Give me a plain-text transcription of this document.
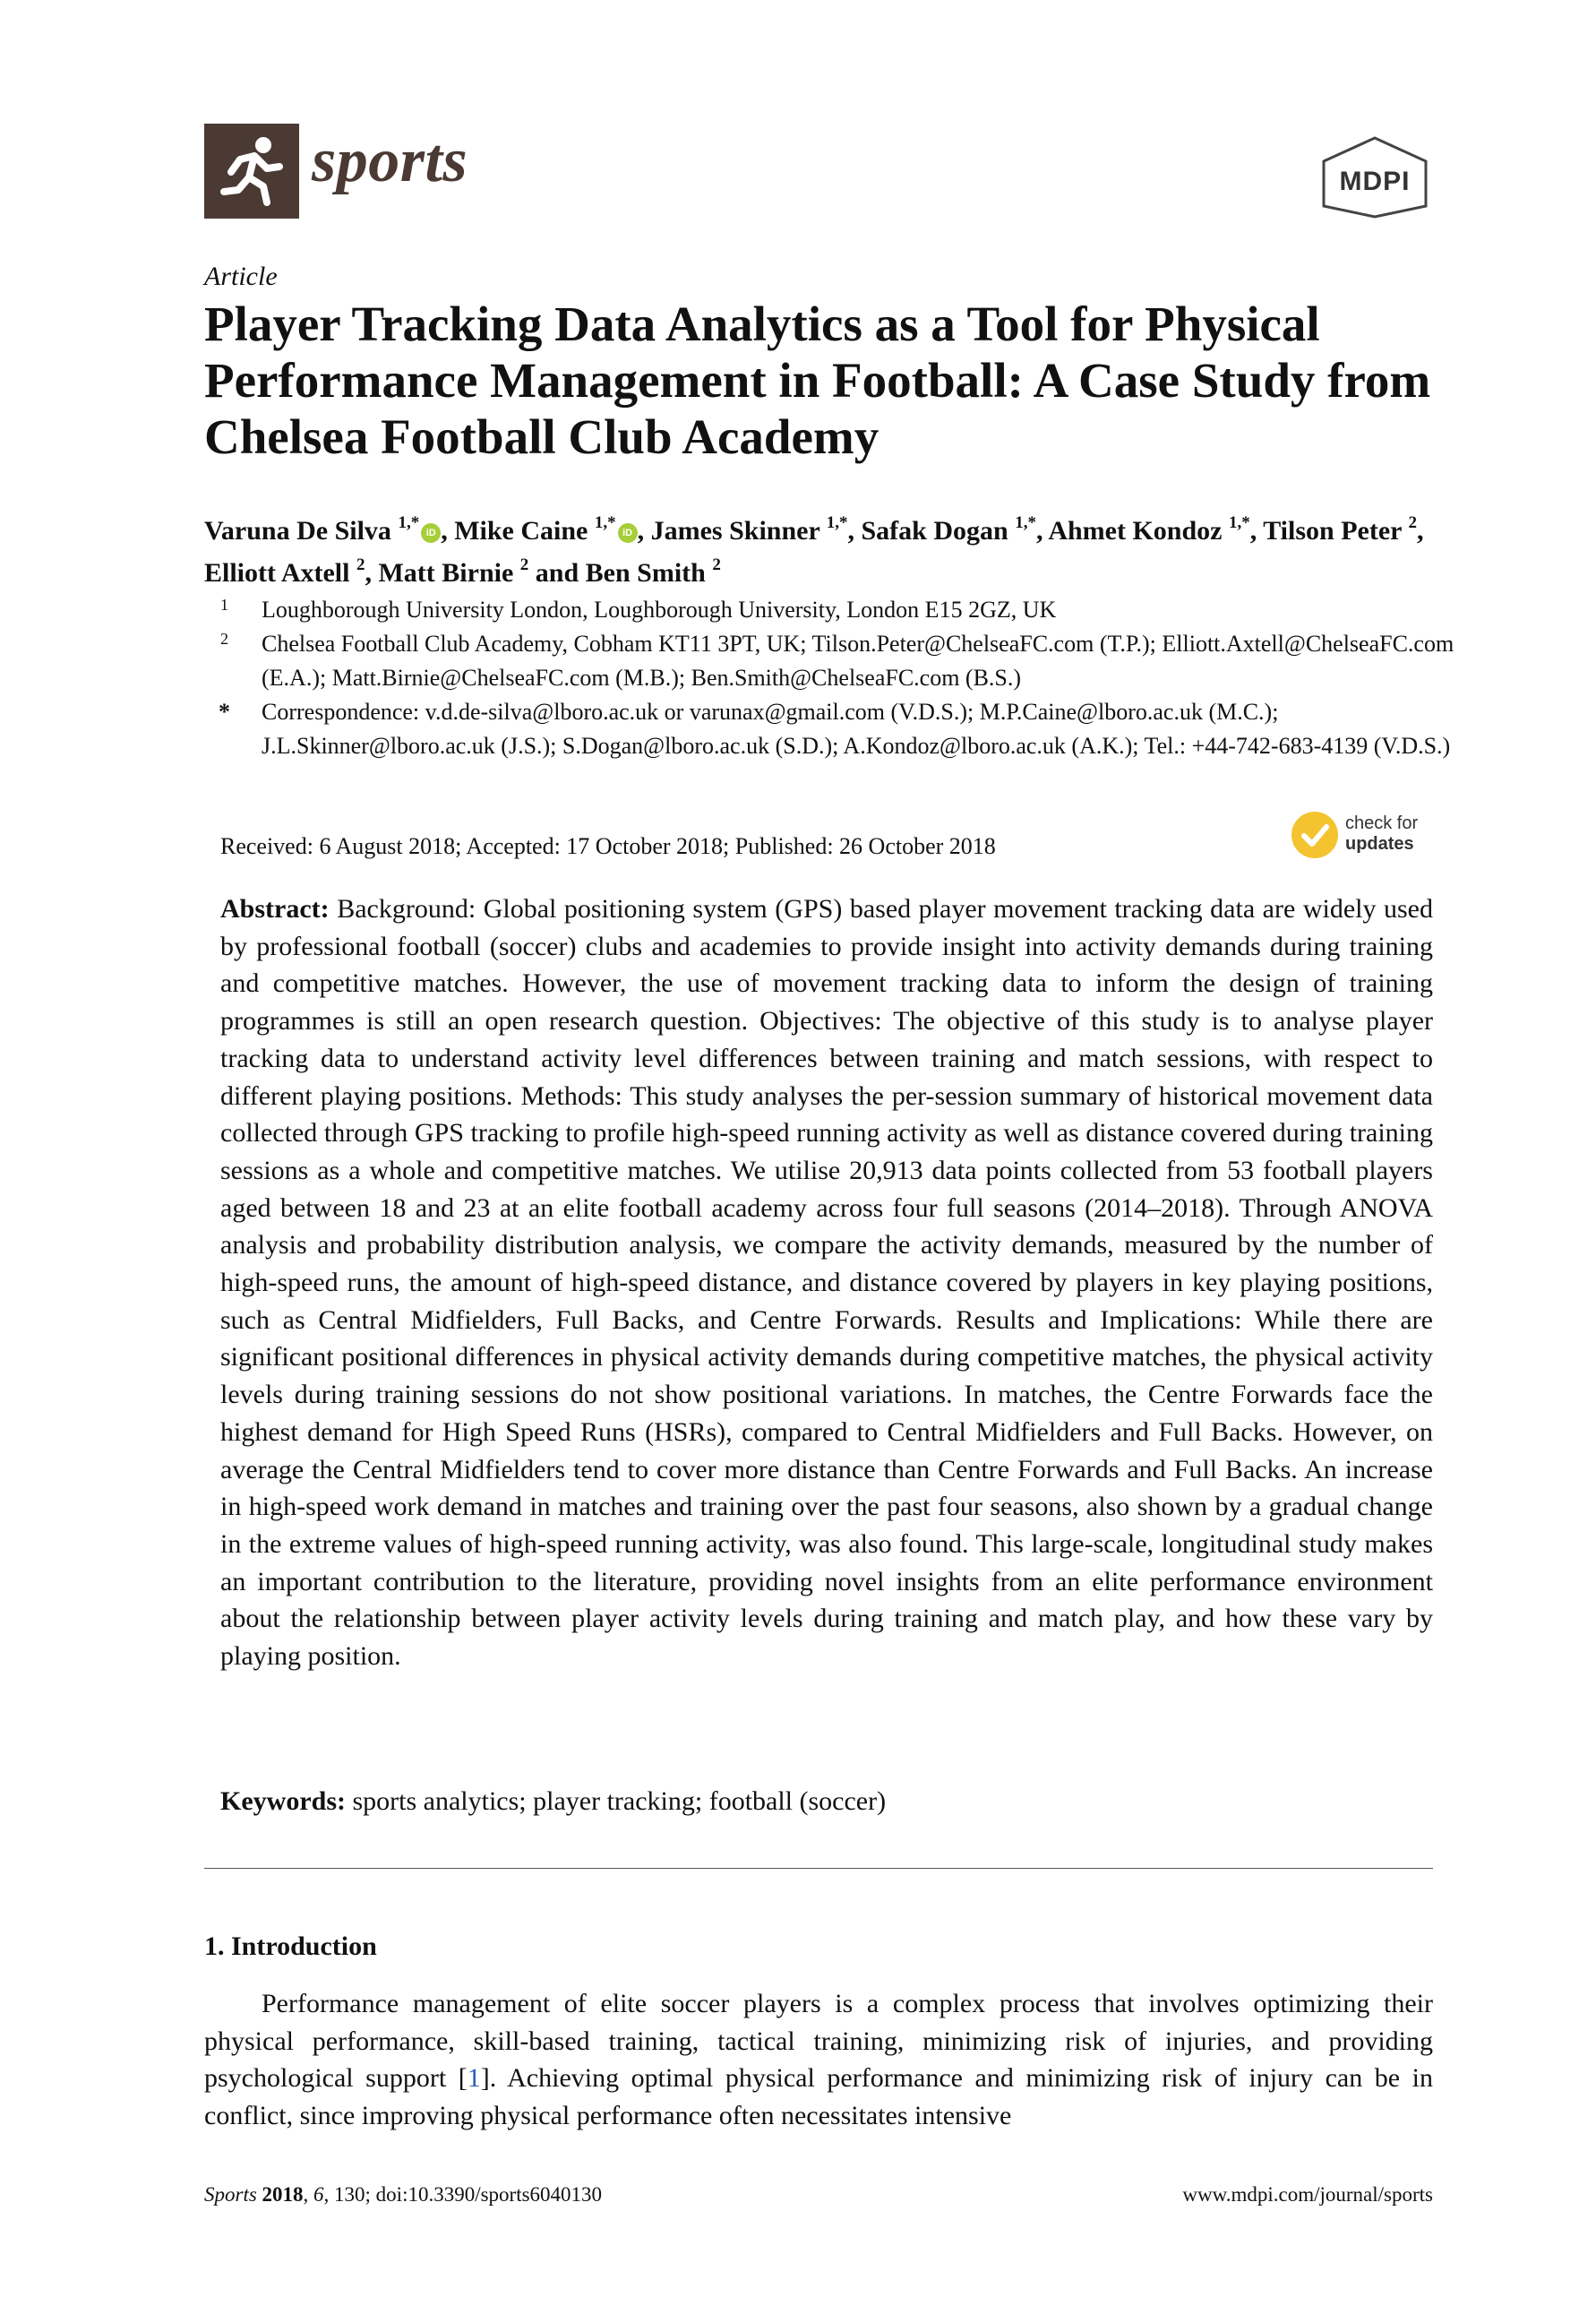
sports	MDPI
Article
Player Tracking Data Analytics as a Tool for Physical Performance Management in Football: A Case Study from Chelsea Football Club Academy
Varuna De Silva $^{1,*}$iD , Mike Caine $^{1,*}$iD , James Skinner $^{1,*}$, Safak Dogan $^{1,*}$, Ahmet Kondoz $^{1,*}$, Tilson Peter $^2$, Elliott Axtell $^2$, Matt Birnie $^2$ and Ben Smith $^2$
1 Loughborough University London, Loughborough University, London E15 2GZ, UK
2 Chelsea Football Club Academy, Cobham KT11 3PT, UK; Tilson.Peter@ChelseaFC.com (T.P.); Elliott.Axtell@ChelseaFC.com (E.A.); Matt.Birnie@ChelseaFC.com (M.B.); Ben.Smith@ChelseaFC.com (B.S.)
* Correspondence: v.d.de-silva@lboro.ac.uk or varunax@gmail.com (V.D.S.); M.P.Caine@lboro.ac.uk (M.C.); J.L.Skinner@lboro.ac.uk (J.S.); S.Dogan@lboro.ac.uk (S.D.); A.Kondoz@lboro.ac.uk (A.K.); Tel.: +44-742-683-4139 (V.D.S.)
Received: 6 August 2018; Accepted: 17 October 2018; Published: 26 October 2018
check for
updates

Abstract: Background: Global positioning system (GPS) based player movement tracking data are widely used by professional football (soccer) clubs and academies to provide insight into activity demands during training and competitive matches. However, the use of movement tracking data to inform the design of training programmes is still an open research question. Objectives: The objective of this study is to analyse player tracking data to understand activity level differences between training and match sessions, with respect to different playing positions. Methods: This study analyses the per-session summary of historical movement data collected through GPS tracking to profile high-speed running activity as well as distance covered during training sessions as a whole and competitive matches. We utilise 20,913 data points collected from 53 football players aged between 18 and 23 at an elite football academy across four full seasons (2014–2018). Through ANOVA analysis and probability distribution analysis, we compare the activity demands, measured by the number of high-speed runs, the amount of high-speed distance, and distance covered by players in key playing positions, such as Central Midfielders, Full Backs, and Centre Forwards. Results and Implications: While there are significant positional differences in physical activity demands during competitive matches, the physical activity levels during training sessions do not show positional variations. In matches, the Centre Forwards face the highest demand for High Speed Runs (HSRs), compared to Central Midfielders and Full Backs. However, on average the Central Midfielders tend to cover more distance than Centre Forwards and Full Backs. An increase in high-speed work demand in matches and training over the past four seasons, also shown by a gradual change in the extreme values of high-speed running activity, was also found. This large-scale, longitudinal study makes an important contribution to the literature, providing novel insights from an elite performance environment about the relationship between player activity levels during training and match play, and how these vary by playing position.

Keywords: sports analytics; player tracking; football (soccer)
1. Introduction

Performance management of elite soccer players is a complex process that involves optimizing their physical performance, skill-based training, tactical training, minimizing risk of injuries, and providing psychological support [1]. Achieving optimal physical performance and minimizing risk of injury can be in conflict, since improving physical performance often necessitates intensive

Sports 2018, 6, 130; doi:10.3390/sports6040130	www.mdpi.com/journal/sports
